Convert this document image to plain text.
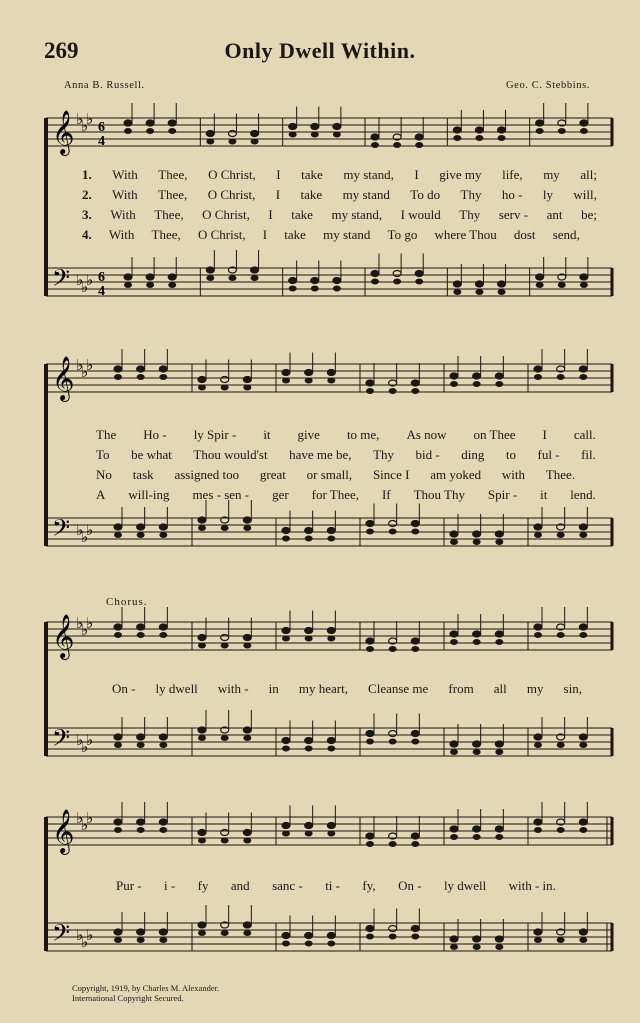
269	Only Dwell Within.
Anna B. Russell.	Geo. C. Stebbins.
𝄞
𝄢
♭
♭
♭
♭
♭
♭
6
4
6
4
1. With Thee, O Christ, I take my stand, I give my life, my all;
2. With Thee, O Christ, I take my stand To do Thy ho - ly will,
3. With Thee, O Christ, I take my stand, I would Thy serv - ant be;
4. With Thee, O Christ, I take my stand To go where Thou dost send,
𝄞
𝄢
♭
♭
♭
♭
♭
♭
The Ho - ly Spir - it give to me, As now on Thee I call.
To be what Thou would'st have me be, Thy bid - ding to ful - fil.
No task assigned too great or small, Since I am yoked with Thee.
A will-ing mes - sen - ger for Thee, If Thou Thy Spir - it lend.
Chorus.
𝄞
𝄢
♭
♭
♭
♭
♭
♭
On - ly dwell with - in my heart, Cleanse me from all my sin,
𝄞
𝄢
♭
♭
♭
♭
♭
♭
Pur - i - fy and sanc - ti - fy, On - ly dwell with - in.
Copyright, 1919, by Charles M. Alexander.
International Copyright Secured.
